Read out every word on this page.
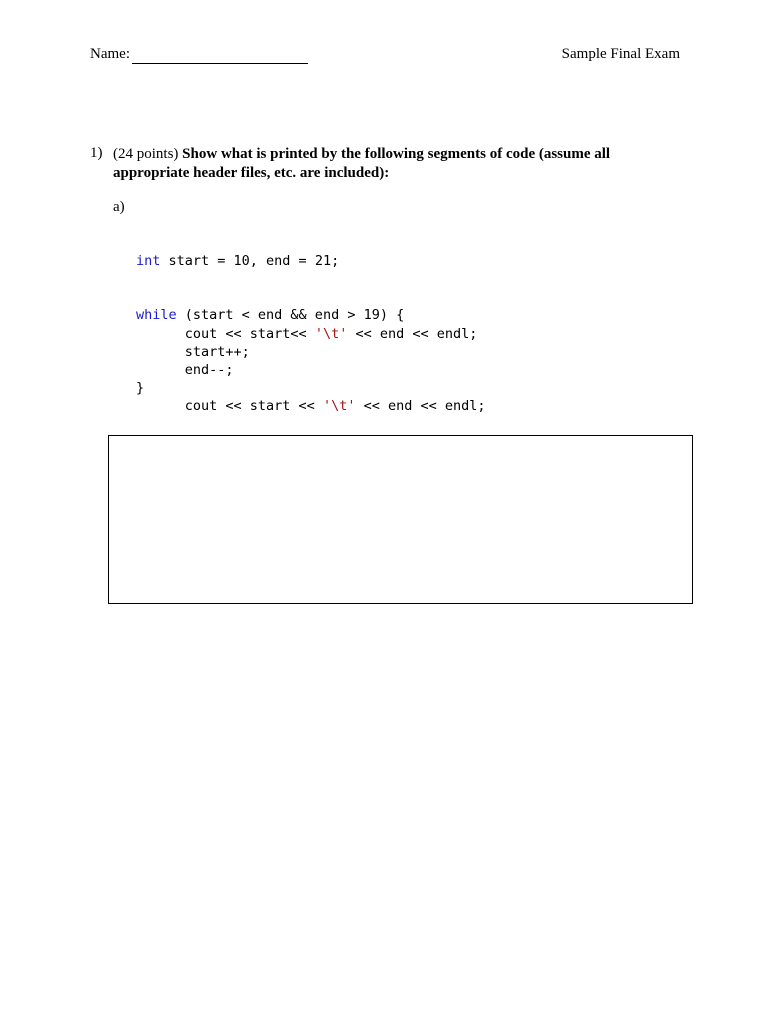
Name:	Sample Final Exam
1) (24 points) Show what is printed by the following segments of code (assume all appropriate header files, etc. are included):
a)
int start = 10, end = 21;
while (start < end && end > 19) {
cout << start<< '\t' << end << endl;
start++;
end--;
}
cout << start << '\t' << end << endl;
